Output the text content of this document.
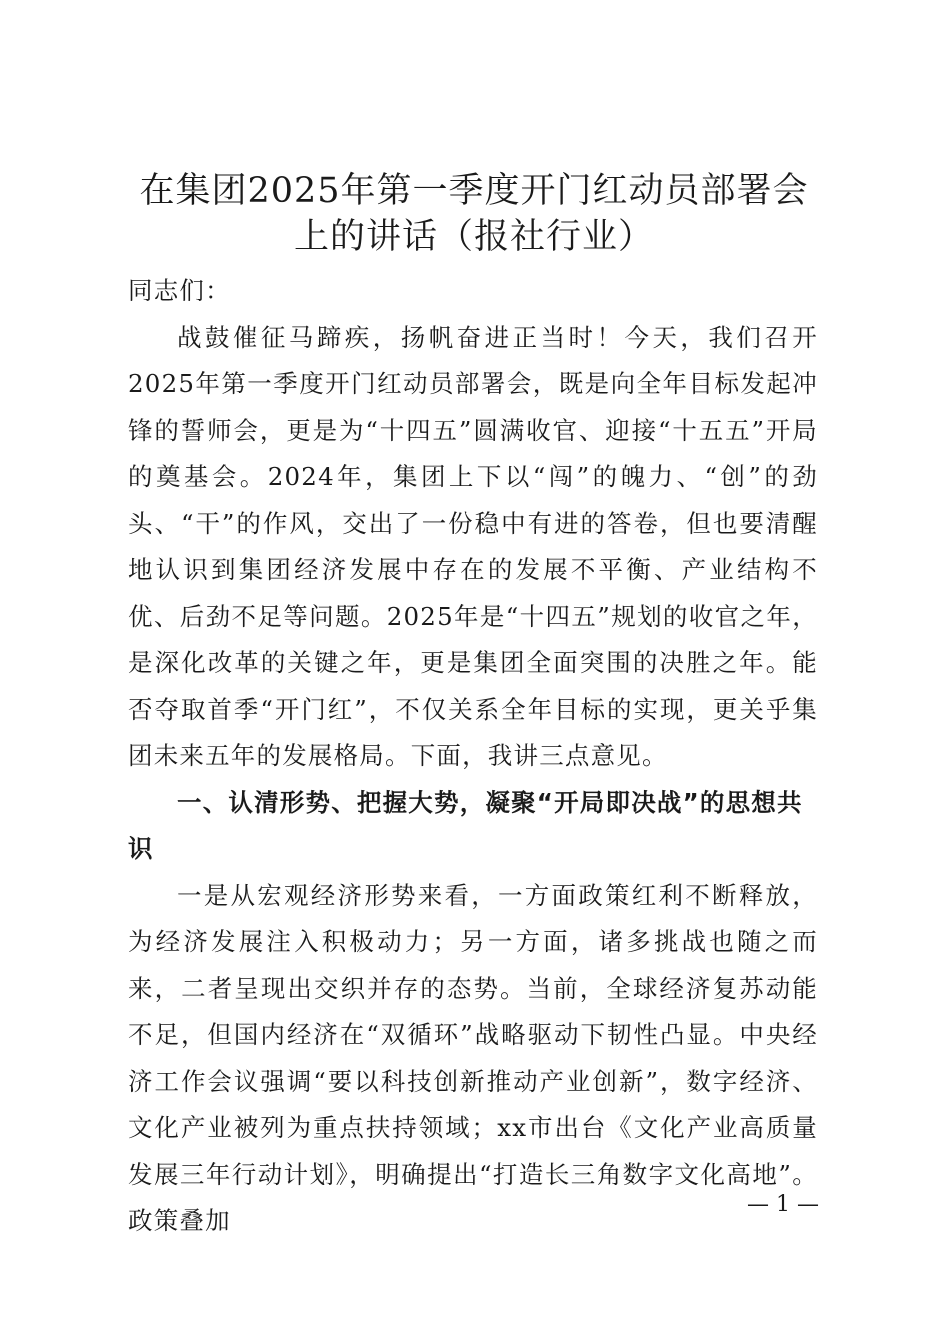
在集团2025年第一季度开门红动员部署会上的讲话（报社行业）

同志们：

战鼓催征马蹄疾，扬帆奋进正当时！今天，我们召开2025年第一季度开门红动员部署会，既是向全年目标发起冲锋的誓师会，更是为“十四五”圆满收官、迎接“十五五”开局的奠基会。2024年，集团上下以“闯”的魄力、“创”的劲头、“干”的作风，交出了一份稳中有进的答卷，但也要清醒地认识到集团经济发展中存在的发展不平衡、产业结构不优、后劲不足等问题。2025年是“十四五”规划的收官之年，是深化改革的关键之年，更是集团全面突围的决胜之年。能否夺取首季“开门红”，不仅关系全年目标的实现，更关乎集团未来五年的发展格局。下面，我讲三点意见。

一、认清形势、把握大势，凝聚“开局即决战”的思想共识

一是从宏观经济形势来看，一方面政策红利不断释放，为经济发展注入积极动力；另一方面，诸多挑战也随之而来，二者呈现出交织并存的态势。当前，全球经济复苏动能不足，但国内经济在“双循环”战略驱动下韧性凸显。中央经济工作会议强调“要以科技创新推动产业创新”，数字经济、文化产业被列为重点扶持领域；xx市出台《文化产业高质量发展三年行动计划》，明确提出“打造长三角数字文化高地”。政策叠加

— 1 —
